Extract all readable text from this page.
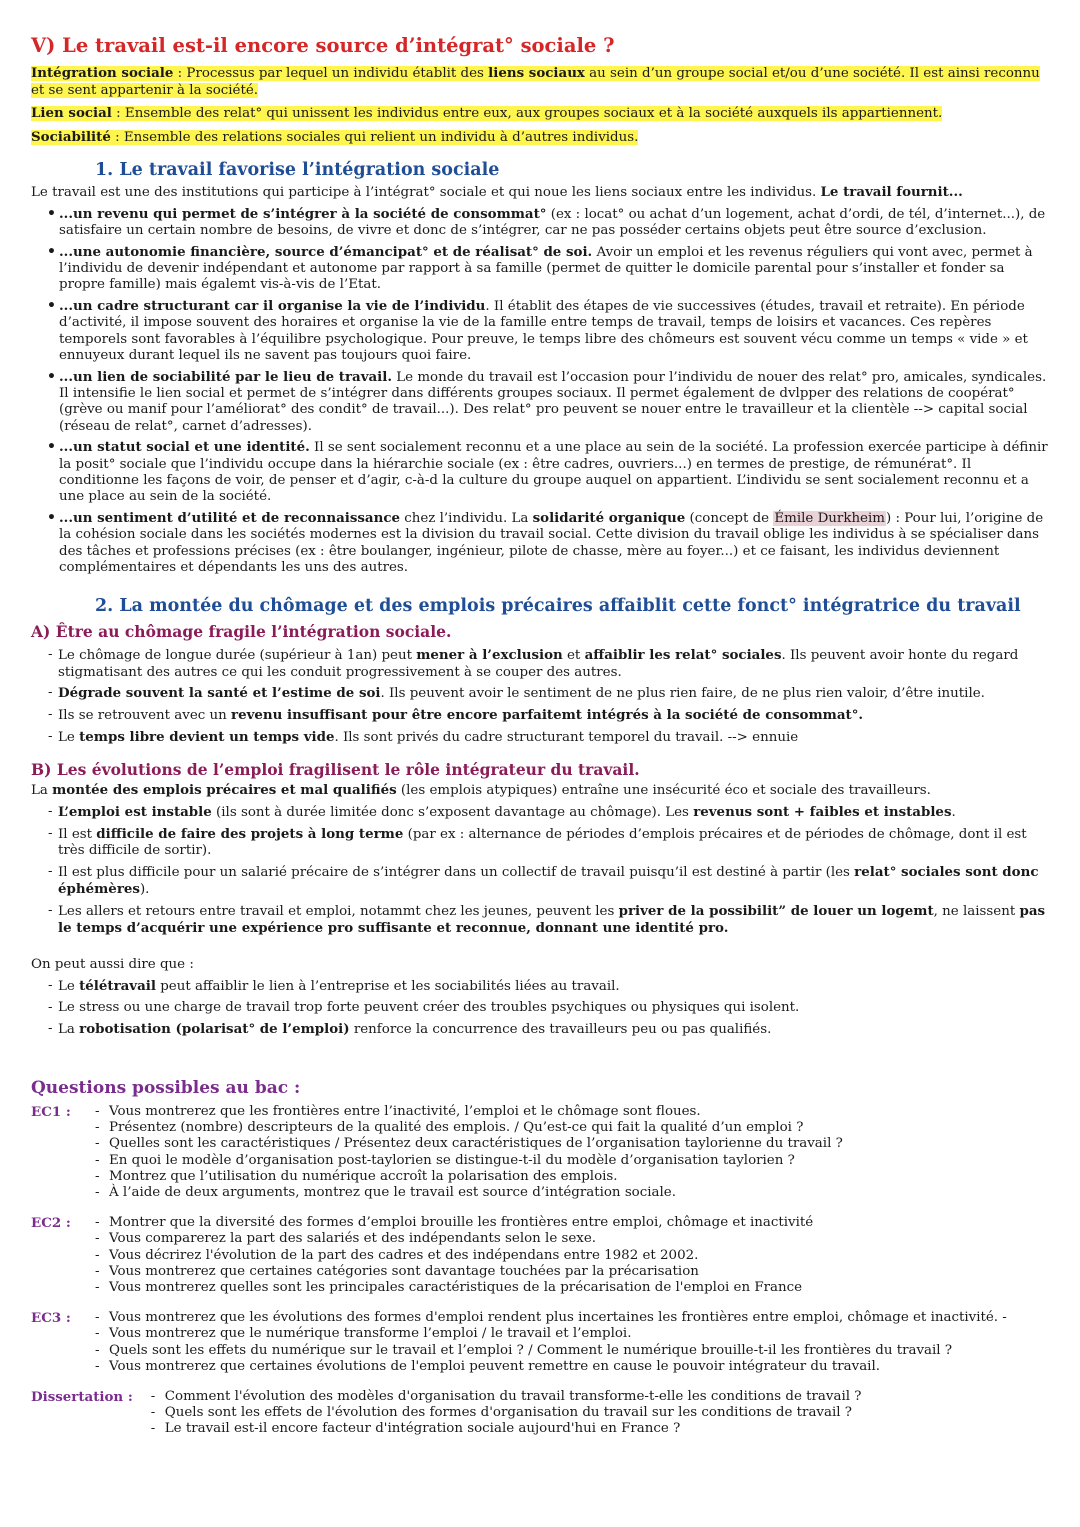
V) Le travail est-il encore source d’intégrat° sociale ?

Intégration sociale : Processus par lequel un individu établit des liens sociaux au sein d’un groupe social et/ou d’une société. Il est ainsi reconnu et se sent appartenir à la société.

Lien social : Ensemble des relat° qui unissent les individus entre eux, aux groupes sociaux et à la société auxquels ils appartiennent.

Sociabilité : Ensemble des relations sociales qui relient un individu à d’autres individus.

1. Le travail favorise l’intégration sociale

Le travail est une des institutions qui participe à l’intégrat° sociale et qui noue les liens sociaux entre les individus. Le travail fournit...

• ...un revenu qui permet de s’intégrer à la société de consommat° (ex : locat° ou achat d’un logement, achat d’ordi, de tél, d’internet...), de satisfaire un certain nombre de besoins, de vivre et donc de s’intégrer, car ne pas posséder certains objets peut être source d’exclusion.
• ...une autonomie financière, source d’émancipat° et de réalisat° de soi. Avoir un emploi et les revenus réguliers qui vont avec, permet à l’individu de devenir indépendant et autonome par rapport à sa famille (permet de quitter le domicile parental pour s’installer et fonder sa propre famille) mais égalemt vis-à-vis de l’Etat.
• ...un cadre structurant car il organise la vie de l’individu. Il établit des étapes de vie successives (études, travail et retraite). En période d’activité, il impose souvent des horaires et organise la vie de la famille entre temps de travail, temps de loisirs et vacances. Ces repères temporels sont favorables à l’équilibre psychologique. Pour preuve, le temps libre des chômeurs est souvent vécu comme un temps « vide » et ennuyeux durant lequel ils ne savent pas toujours quoi faire.
• ...un lien de sociabilité par le lieu de travail. Le monde du travail est l’occasion pour l’individu de nouer des relat° pro, amicales, syndicales. Il intensifie le lien social et permet de s’intégrer dans différents groupes sociaux. Il permet également de dvlpper des relations de coopérat° (grève ou manif pour l’améliorat° des condit° de travail...). Des relat° pro peuvent se nouer entre le travailleur et la clientèle --> capital social (réseau de relat°, carnet d’adresses).
• ...un statut social et une identité. Il se sent socialement reconnu et a une place au sein de la société. La profession exercée participe à définir la posit° sociale que l’individu occupe dans la hiérarchie sociale (ex : être cadres, ouvriers...) en termes de prestige, de rémunérat°. Il conditionne les façons de voir, de penser et d’agir, c-à-d la culture du groupe auquel on appartient. L’individu se sent socialement reconnu et a une place au sein de la société.
• ...un sentiment d’utilité et de reconnaissance chez l’individu. La solidarité organique (concept de Émile Durkheim) : Pour lui, l’origine de la cohésion sociale dans les sociétés modernes est la division du travail social. Cette division du travail oblige les individus à se spécialiser dans des tâches et professions précises (ex : être boulanger, ingénieur, pilote de chasse, mère au foyer...) et ce faisant, les individus deviennent complémentaires et dépendants les uns des autres.
2. La montée du chômage et des emplois précaires affaiblit cette fonct° intégratrice du travail
A) Être au chômage fragile l’intégration sociale.
- Le chômage de longue durée (supérieur à 1an) peut mener à l’exclusion et affaiblir les relat° sociales. Ils peuvent avoir honte du regard stigmatisant des autres ce qui les conduit progressivement à se couper des autres.
- Dégrade souvent la santé et l’estime de soi. Ils peuvent avoir le sentiment de ne plus rien faire, de ne plus rien valoir, d’être inutile.
- Ils se retrouvent avec un revenu insuffisant pour être encore parfaitemt intégrés à la société de consommat°.
- Le temps libre devient un temps vide. Ils sont privés du cadre structurant temporel du travail. --> ennuie
B) Les évolutions de l’emploi fragilisent le rôle intégrateur du travail.

La montée des emplois précaires et mal qualifiés (les emplois atypiques) entraîne une insécurité éco et sociale des travailleurs.

- L’emploi est instable (ils sont à durée limitée donc s’exposent davantage au chômage). Les revenus sont + faibles et instables.
- Il est difficile de faire des projets à long terme (par ex : alternance de périodes d’emplois précaires et de périodes de chômage, dont il est très difficile de sortir).
- Il est plus difficile pour un salarié précaire de s’intégrer dans un collectif de travail puisqu’il est destiné à partir (les relat° sociales sont donc éphémères).
- Les allers et retours entre travail et emploi, notammt chez les jeunes, peuvent les priver de la possibilit” de louer un logemt, ne laissent pas le temps d’acquérir une expérience pro suffisante et reconnue, donnant une identité pro.

On peut aussi dire que :

- Le télétravail peut affaiblir le lien à l’entreprise et les sociabilités liées au travail.
- Le stress ou une charge de travail trop forte peuvent créer des troubles psychiques ou physiques qui isolent.
- La robotisation (polarisat° de l’emploi) renforce la concurrence des travailleurs peu ou pas qualifiés.
Questions possibles au bac :
EC1 :	- Vous montrerez que les frontières entre l’inactivité, l’emploi et le chômage sont floues.
- Présentez (nombre) descripteurs de la qualité des emplois. / Qu’est-ce qui fait la qualité d’un emploi ?
- Quelles sont les caractéristiques / Présentez deux caractéristiques de l’organisation taylorienne du travail ?
- En quoi le modèle d’organisation post-taylorien se distingue-t-il du modèle d’organisation taylorien ?
- Montrez que l’utilisation du numérique accroît la polarisation des emplois.
- À l’aide de deux arguments, montrez que le travail est source d’intégration sociale.
EC2 :	- Montrer que la diversité des formes d’emploi brouille les frontières entre emploi, chômage et inactivité
- Vous comparerez la part des salariés et des indépendants selon le sexe.
- Vous décrirez l'évolution de la part des cadres et des indépendans entre 1982 et 2002.
- Vous montrerez que certaines catégories sont davantage touchées par la précarisation
- Vous montrerez quelles sont les principales caractéristiques de la précarisation de l'emploi en France
EC3 :	- Vous montrerez que les évolutions des formes d'emploi rendent plus incertaines les frontières entre emploi, chômage et inactivité. -
- Vous montrerez que le numérique transforme l’emploi / le travail et l’emploi.
- Quels sont les effets du numérique sur le travail et l’emploi ? / Comment le numérique brouille-t-il les frontières du travail ?
- Vous montrerez que certaines évolutions de l'emploi peuvent remettre en cause le pouvoir intégrateur du travail.
Dissertation : - Comment l'évolution des modèles d'organisation du travail transforme-t-elle les conditions de travail ?
- Quels sont les effets de l'évolution des formes d'organisation du travail sur les conditions de travail ?
- Le travail est-il encore facteur d'intégration sociale aujourd'hui en France ?
